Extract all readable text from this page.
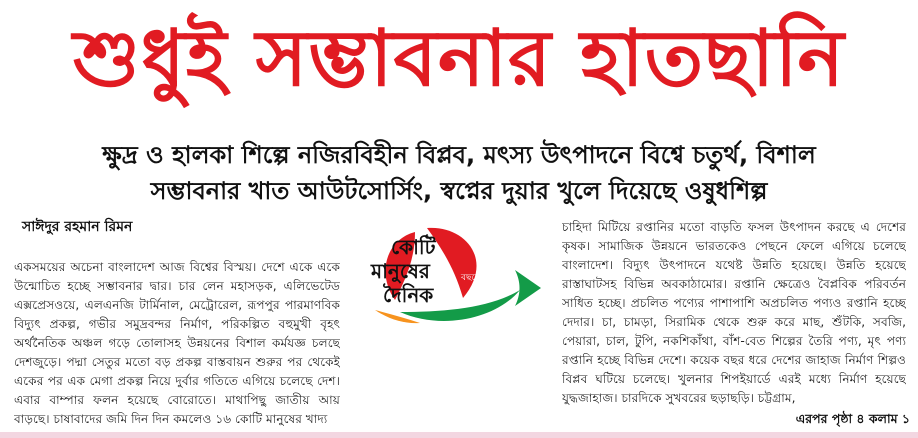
শুধুই সম্ভাবনার হাতছানি
ক্ষুদ্র ও হালকা শিল্পে নজিরবিহীন বিপ্লব, মৎস্য উৎপাদনে বিশ্বে চতুর্থ, বিশাল
সম্ভাবনার খাত আউটসোর্সিং, স্বপ্নের দুয়ার খুলে দিয়েছে ওষুধশিল্প
সাঈদুর রহমান রিমন
একসময়ের অচেনা বাংলাদেশ আজ বিশ্বের বিস্ময়। দেশে একে একে উন্মোচিত হচ্ছে সম্ভাবনার দ্বার। চার লেন মহাসড়ক, এলিভেটেড এক্সপ্রেসওয়ে, এলএনজি টার্মিনাল, মেট্রোরেল, রূপপুর পারমাণবিক বিদ্যুৎ প্রকল্প, গভীর সমুদ্রবন্দর নির্মাণ, পরিকল্পিত বহুমুখী বৃহৎ অর্থনৈতিক অঞ্চল গড়ে তোলাসহ উন্নয়নের বিশাল কর্মযজ্ঞ চলছে দেশজুড়ে। পদ্মা সেতুর মতো বড় প্রকল্প বাস্তবায়ন শুরুর পর থেকেই একের পর এক মেগা প্রকল্প নিয়ে দুর্বার গতিতে এগিয়ে চলেছে দেশ। এবার বাম্পার ফলন হয়েছে বোরোতে। মাথাপিছু জাতীয় আয় বাড়ছে। চাষাবাদের জমি দিন দিন কমলেও ১৬ কোটি মানুষের খাদ্য
কোটি
মানুষের
দৈনিক
বছরে পদার্পণ
চাহিদা মিটিয়ে রপ্তানির মতো বাড়তি ফসল উৎপাদন করছে এ দেশের কৃষক। সামাজিক উন্নয়নে ভারতকেও পেছনে ফেলে এগিয়ে চলেছে বাংলাদেশ। বিদ্যুৎ উৎপাদনে যথেষ্ট উন্নতি হয়েছে। উন্নতি হয়েছে রাস্তাঘাটসহ বিভিন্ন অবকাঠামোর। রপ্তানি ক্ষেত্রেও বৈপ্লবিক পরিবর্তন সাধিত হচ্ছে। প্রচলিত পণ্যের পাশাপাশি অপ্রচলিত পণ্যও রপ্তানি হচ্ছে দেদার। চা, চামড়া, সিরামিক থেকে শুরু করে মাছ, শুঁটকি, সবজি, পেয়ারা, চাল, টুপি, নকশিকাঁথা, বাঁশ-বেত শিল্পের তৈরি পণ্য, মৃৎ পণ্য রপ্তানি হচ্ছে বিভিন্ন দেশে। কয়েক বছর ধরে দেশের জাহাজ নির্মাণ শিল্পও বিপ্লব ঘটিয়ে চলেছে। খুলনার শিপইয়ার্ডে এরই মধ্যে নির্মাণ হয়েছে যুদ্ধজাহাজ। চারদিকে সুখবরের ছড়াছড়ি। চট্টগ্রাম,
এরপর পৃষ্ঠা ৪ কলাম ১
